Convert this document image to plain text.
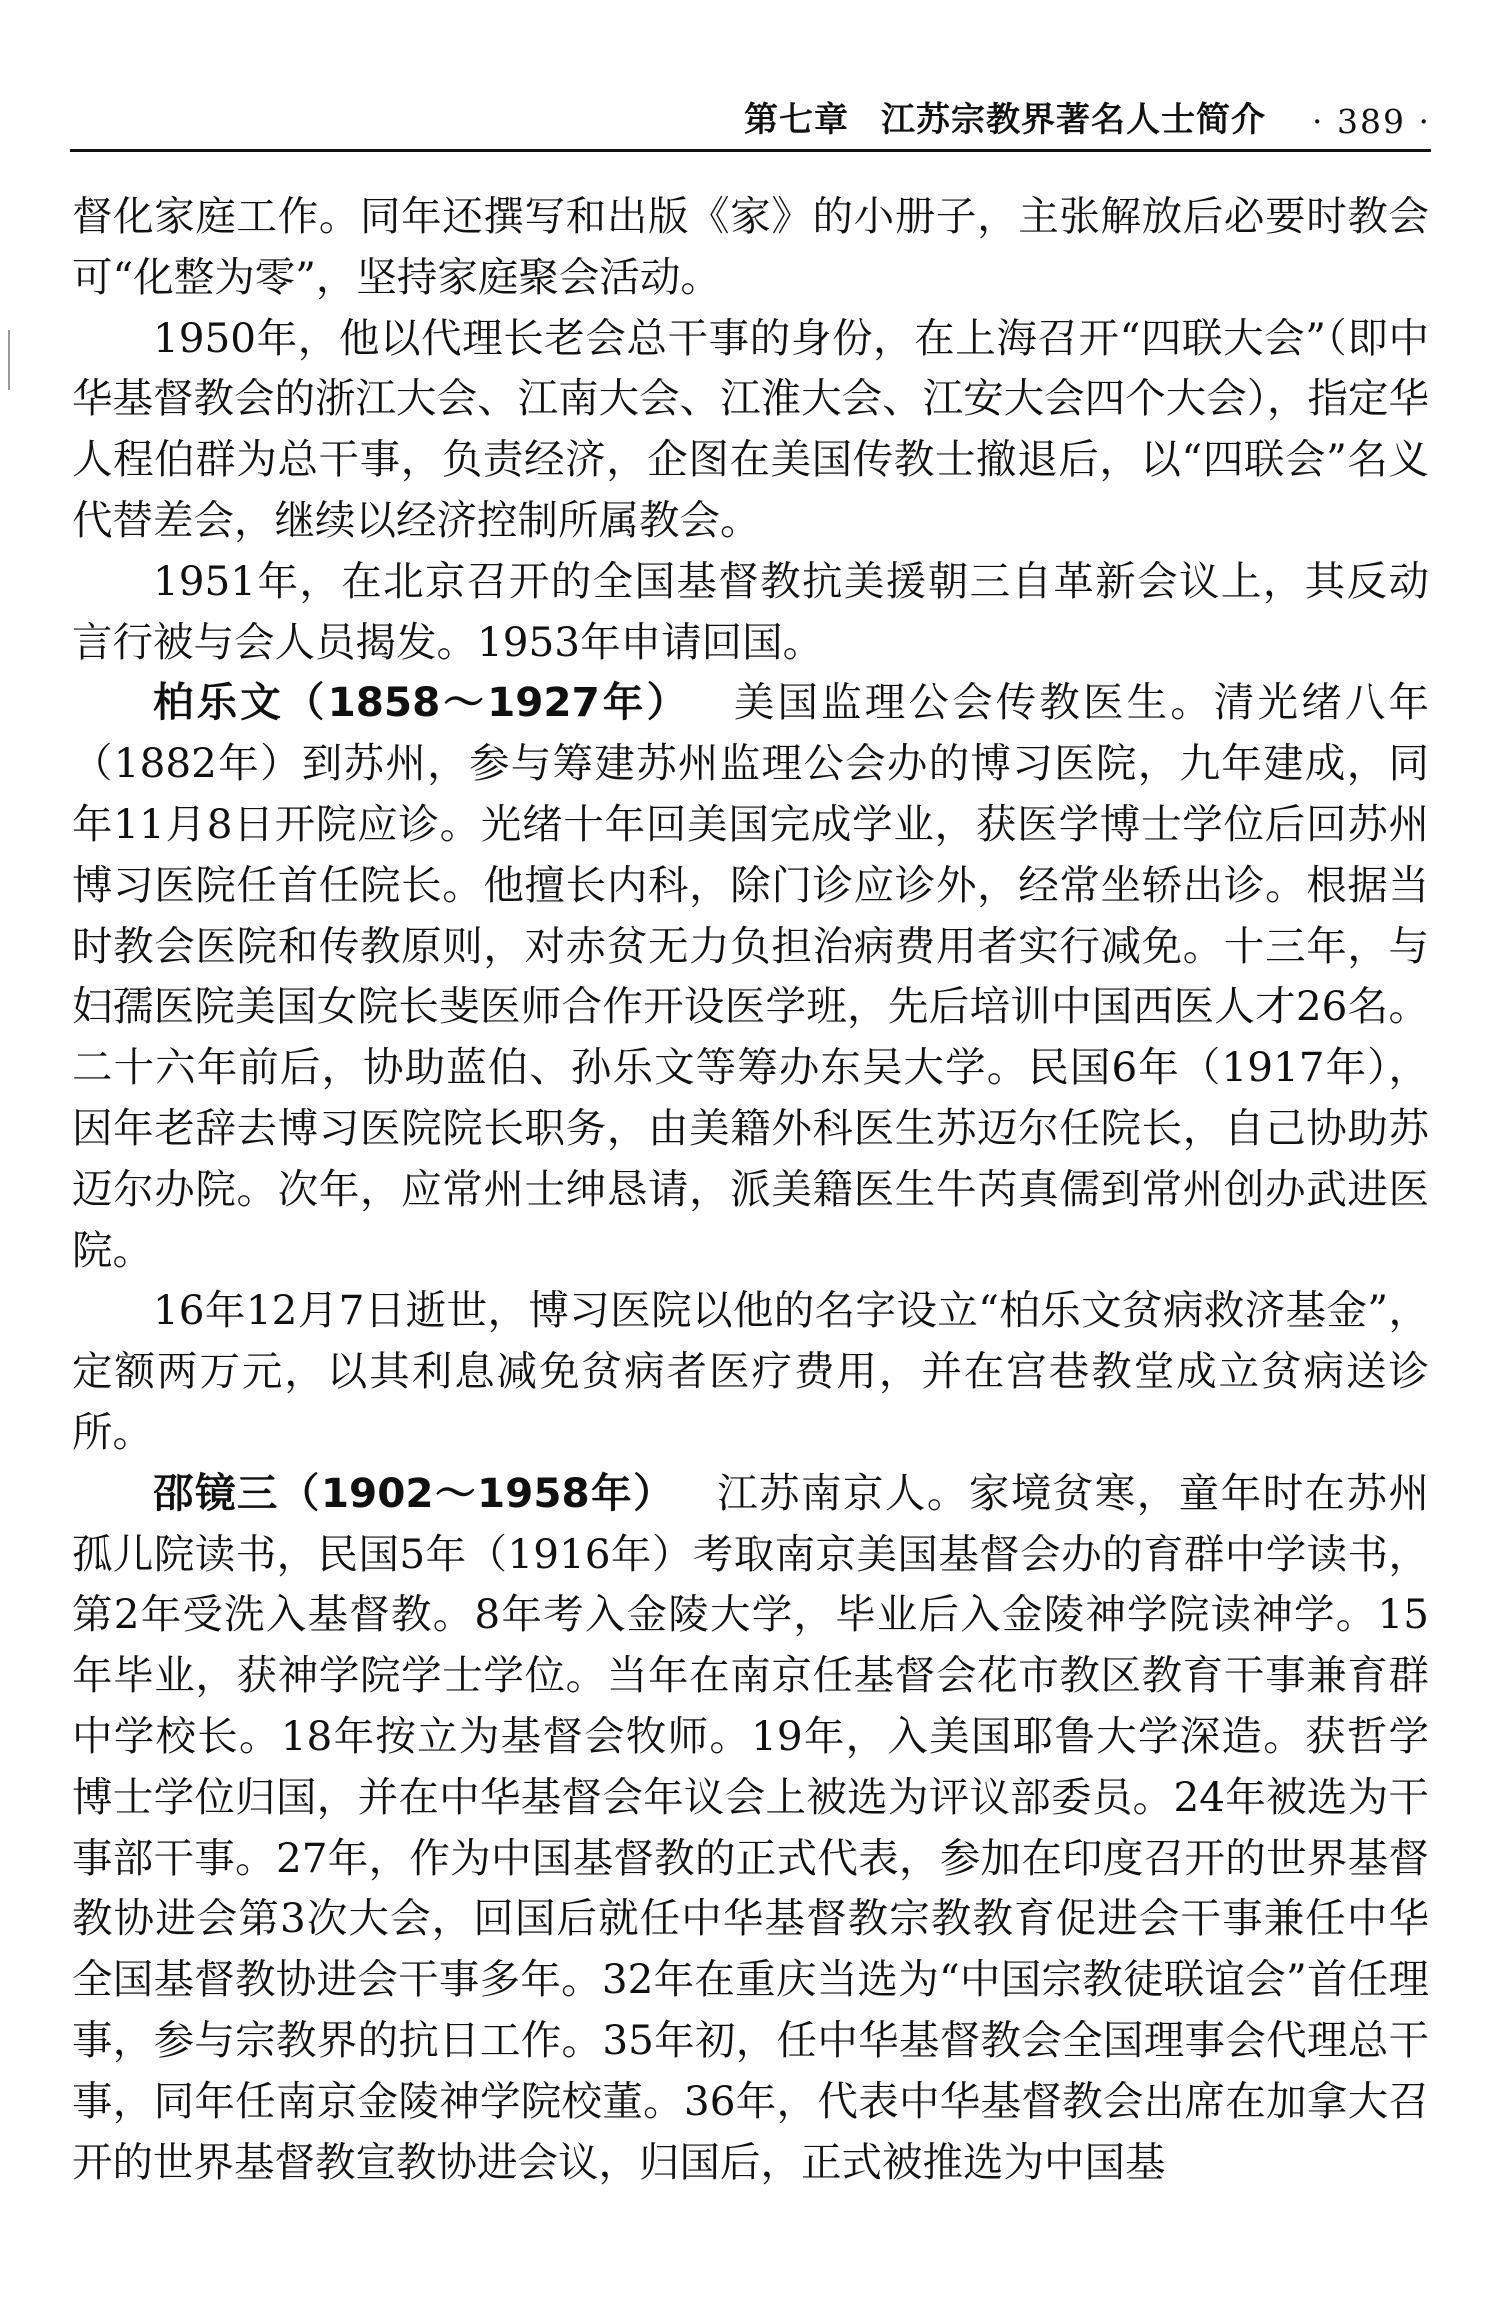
第七章 江苏宗教界著名人士简介 · 389 ·

督化家庭工作。同年还撰写和出版《家》的小册子，主张解放后必要时教会可“化整为零”，坚持家庭聚会活动。

1950年，他以代理长老会总干事的身份，在上海召开“四联大会”（即中华基督教会的浙江大会、江南大会、江淮大会、江安大会四个大会），指定华人程伯群为总干事，负责经济，企图在美国传教士撤退后，以“四联会”名义代替差会，继续以经济控制所属教会。

1951年，在北京召开的全国基督教抗美援朝三自革新会议上，其反动言行被与会人员揭发。1953年申请回国。

柏乐文（1858～1927年） 美国监理公会传教医生。清光绪八年（1882年）到苏州，参与筹建苏州监理公会办的博习医院，九年建成，同年11月8日开院应诊。光绪十年回美国完成学业，获医学博士学位后回苏州博习医院任首任院长。他擅长内科，除门诊应诊外，经常坐轿出诊。根据当时教会医院和传教原则，对赤贫无力负担治病费用者实行减免。十三年，与妇孺医院美国女院长斐医师合作开设医学班，先后培训中国西医人才26名。二十六年前后，协助蓝伯、孙乐文等筹办东吴大学。民国6年（1917年），因年老辞去博习医院院长职务，由美籍外科医生苏迈尔任院长，自己协助苏迈尔办院。次年，应常州士绅恳请，派美籍医生牛芮真儒到常州创办武进医院。

16年12月7日逝世，博习医院以他的名字设立“柏乐文贫病救济基金”，定额两万元，以其利息减免贫病者医疗费用，并在宫巷教堂成立贫病送诊所。

邵镜三（1902～1958年） 江苏南京人。家境贫寒，童年时在苏州孤儿院读书，民国5年（1916年）考取南京美国基督会办的育群中学读书，第2年受洗入基督教。8年考入金陵大学，毕业后入金陵神学院读神学。15年毕业，获神学院学士学位。当年在南京任基督会花市教区教育干事兼育群中学校长。18年按立为基督会牧师。19年，入美国耶鲁大学深造。获哲学博士学位归国，并在中华基督会年议会上被选为评议部委员。24年被选为干事部干事。27年，作为中国基督教的正式代表，参加在印度召开的世界基督教协进会第3次大会，回国后就任中华基督教宗教教育促进会干事兼任中华全国基督教协进会干事多年。32年在重庆当选为“中国宗教徒联谊会”首任理事，参与宗教界的抗日工作。35年初，任中华基督教会全国理事会代理总干事，同年任南京金陵神学院校董。36年，代表中华基督教会出席在加拿大召开的世界基督教宣教协进会议，归国后，正式被推选为中国基
